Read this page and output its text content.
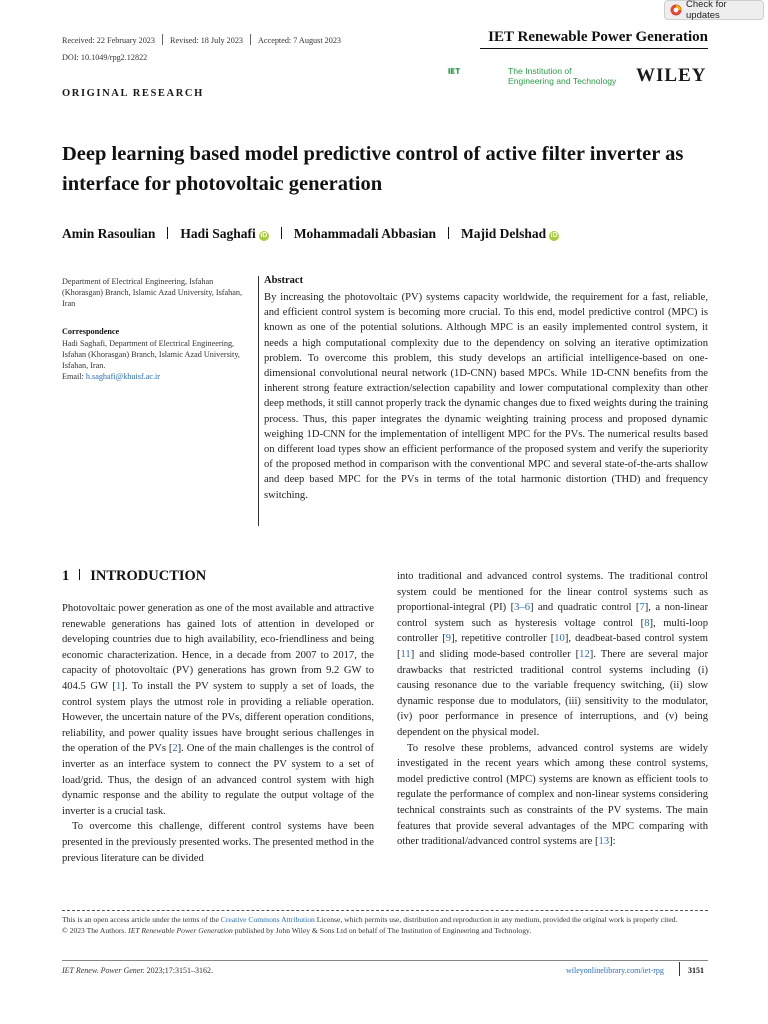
Check for updates
Received: 22 February 2023 Revised: 18 July 2023 Accepted: 7 August 2023	IET Renewable Power Generation
DOI: 10.1049/rpg2.12822
The Institution of
Engineering and Technology WILEY
ORIGINAL RESEARCH
Deep learning based model predictive control of active filter inverter as interface for photovoltaic generation
Amin Rasoulian Hadi Saghafi iD Mohammadali Abbasian Majid Delshad iD
Department of Electrical Engineering, Isfahan (Khorasgan) Branch, Islamic Azad University, Isfahan, Iran
Correspondence
Hadi Saghafi, Department of Electrical Engineering, Isfahan (Khorasgan) Branch, Islamic Azad University, Isfahan, Iran.
Email: h.saghafi@khuisf.ac.ir
Abstract
By increasing the photovoltaic (PV) systems capacity worldwide, the requirement for a fast, reliable, and efficient control system is becoming more crucial. To this end, model predictive control (MPC) is known as one of the potential solutions. Although MPC is an easily implemented control system, it needs a high computational complexity due to the dependency on solving an iterative optimization problem. To overcome this problem, this study develops an artificial intelligence-based on one-dimensional convolutional neural network (1D-CNN) based MPCs. While 1D-CNN benefits from the inherent strong feature extraction/selection capability and lower computational complexity than other deep methods, it still cannot properly track the dynamic changes due to fixed weights during the training process. Thus, this paper integrates the dynamic weighting training process and proposed dynamic weighing 1D-CNN for the implementation of intelligent MPC for the PVs. The numerical results based on different load types show an efficient performance of the proposed system and verify the superiority of the proposed method in comparison with the conventional MPC and several state-of-the-arts shallow and deep based MPC for the PVs in terms of the total harmonic distortion (THD) and frequency switching.
1 INTRODUCTION

Photovoltaic power generation as one of the most available and attractive renewable generations has gained lots of attention in developed or developing countries due to high availability, eco-friendliness and being economic characterization. Hence, in a decade from 2007 to 2017, the capacity of photovoltaic (PV) generations has grown from 9.2 GW to 404.5 GW [1]. To install the PV system to supply a set of loads, the control system plays the utmost role in providing a reliable operation. However, the uncertain nature of the PVs, different operation conditions, reliability, and power quality issues have brought serious challenges in the operation of the PVs [2]. One of the main challenges is the control of inverter as an interface system to connect the PV system to a set of load/grid. Thus, the design of an advanced control system with high dynamic response and the ability to regulate the output voltage of the inverter is a crucial task.

To overcome this challenge, different control systems have been presented in the previously presented works. The presented method in the previous literature can be divided

into traditional and advanced control systems. The traditional control system could be mentioned for the linear control systems such as proportional-integral (PI) [3–6] and quadratic control [7], a non-linear control system such as hysteresis voltage control [8], multi-loop controller [9], repetitive controller [10], deadbeat-based control system [11] and sliding mode-based controller [12]. There are several major drawbacks that restricted traditional control systems including (i) causing resonance due to the variable frequency switching, (ii) slow dynamic response due to modulators, (iii) sensitivity to the modulator, (iv) poor performance in presence of interruptions, and (v) being dependent on the physical model.

To resolve these problems, advanced control systems are widely investigated in the recent years which among these control systems, model predictive control (MPC) systems are known as efficient tools to regulate the performance of complex and non-linear systems considering technical constraints such as constraints of the PV systems. The main features that provide several advantages of the MPC comparing with other traditional/advanced control systems are [13]:

This is an open access article under the terms of the Creative Commons Attribution License, which permits use, distribution and reproduction in any medium, provided the original work is properly cited.

© 2023 The Authors. IET Renewable Power Generation published by John Wiley & Sons Ltd on behalf of The Institution of Engineering and Technology.

IET Renew. Power Gener. 2023;17:3151–3162.	wileyonlinelibrary.com/iet-rpg	3151
